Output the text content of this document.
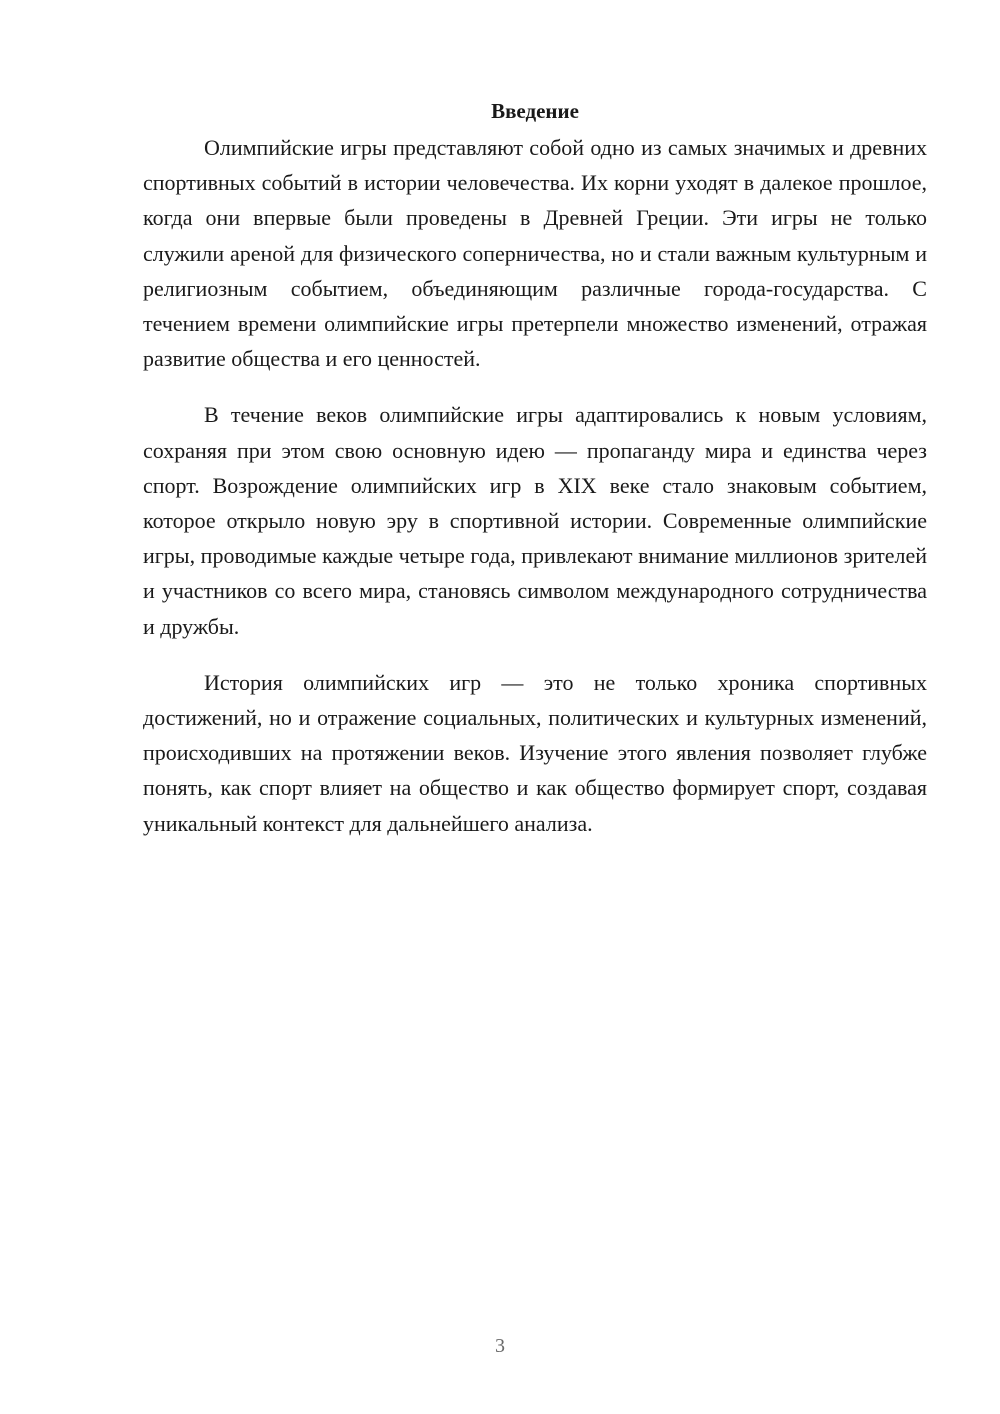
Введение

Олимпийские игры представляют собой одно из самых значимых и древних спортивных событий в истории человечества. Их корни уходят в далекое прошлое, когда они впервые были проведены в Древней Греции. Эти игры не только служили ареной для физического соперничества, но и стали важным культурным и религиозным событием, объединяющим различные города-государства. С течением времени олимпийские игры претерпели множество изменений, отражая развитие общества и его ценностей.

В течение веков олимпийские игры адаптировались к новым условиям, сохраняя при этом свою основную идею — пропаганду мира и единства через спорт. Возрождение олимпийских игр в XIX веке стало знаковым событием, которое открыло новую эру в спортивной истории. Современные олимпийские игры, проводимые каждые четыре года, привлекают внимание миллионов зрителей и участников со всего мира, становясь символом международного сотрудничества и дружбы.

История олимпийских игр — это не только хроника спортивных достижений, но и отражение социальных, политических и культурных изменений, происходивших на протяжении веков. Изучение этого явления позволяет глубже понять, как спорт влияет на общество и как общество формирует спорт, создавая уникальный контекст для дальнейшего анализа.

3
